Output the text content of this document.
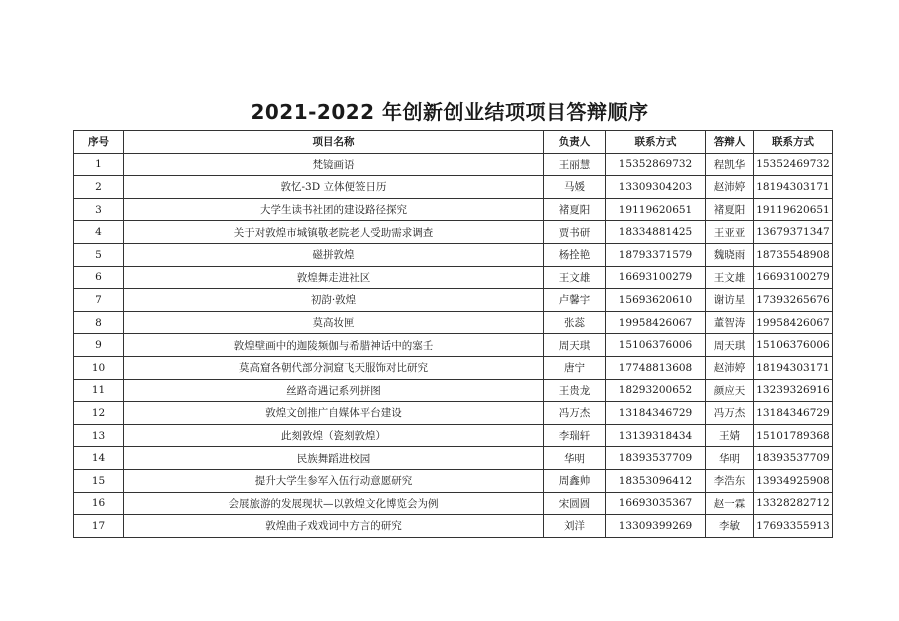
2021-2022 年创新创业结项项目答辩顺序
序号	项目名称	负责人	联系方式	答辩人	联系方式
1	梵镜画语	王丽慧	15352869732	程凯华	15352469732
2	敦忆-3D 立体便签日历	马媛	13309304203	赵沛婷	18194303171
3	大学生读书社团的建设路径探究	褚夏阳	19119620651	褚夏阳	19119620651
4	关于对敦煌市城镇敬老院老人受助需求调查	贾书研	18334881425	王亚亚	13679371347
5	磁拼敦煌	杨拴艳	18793371579	魏晓雨	18735548908
6	敦煌舞走进社区	王文雄	16693100279	王文雄	16693100279
7	初韵·敦煌	卢馨宇	15693620610	谢访星	17393265676
8	莫高妆匣	张蕊	19958426067	董智涛	19958426067
9	敦煌壁画中的迦陵频伽与希腊神话中的塞壬	周天琪	15106376006	周天琪	15106376006
10	莫高窟各朝代部分洞窟飞天服饰对比研究	唐宁	17748813608	赵沛婷	18194303171
11	丝路奇遇记系列拼图	王贵龙	18293200652	颜应天	13239326916
12	敦煌文创推广自媒体平台建设	冯万杰	13184346729	冯万杰	13184346729
13	此刻敦煌（瓷刻敦煌）	李瑞轩	13139318434	王婧	15101789368
14	民族舞蹈进校园	华明	18393537709	华明	18393537709
15	提升大学生参军入伍行动意愿研究	周鑫帅	18353096412	李浩东	13934925908
16	会展旅游的发展现状—以敦煌文化博览会为例	宋圆圆	16693035367	赵一霖	13328282712
17	敦煌曲子戏戏词中方言的研究	刘洋	13309399269	李敏	17693355913
